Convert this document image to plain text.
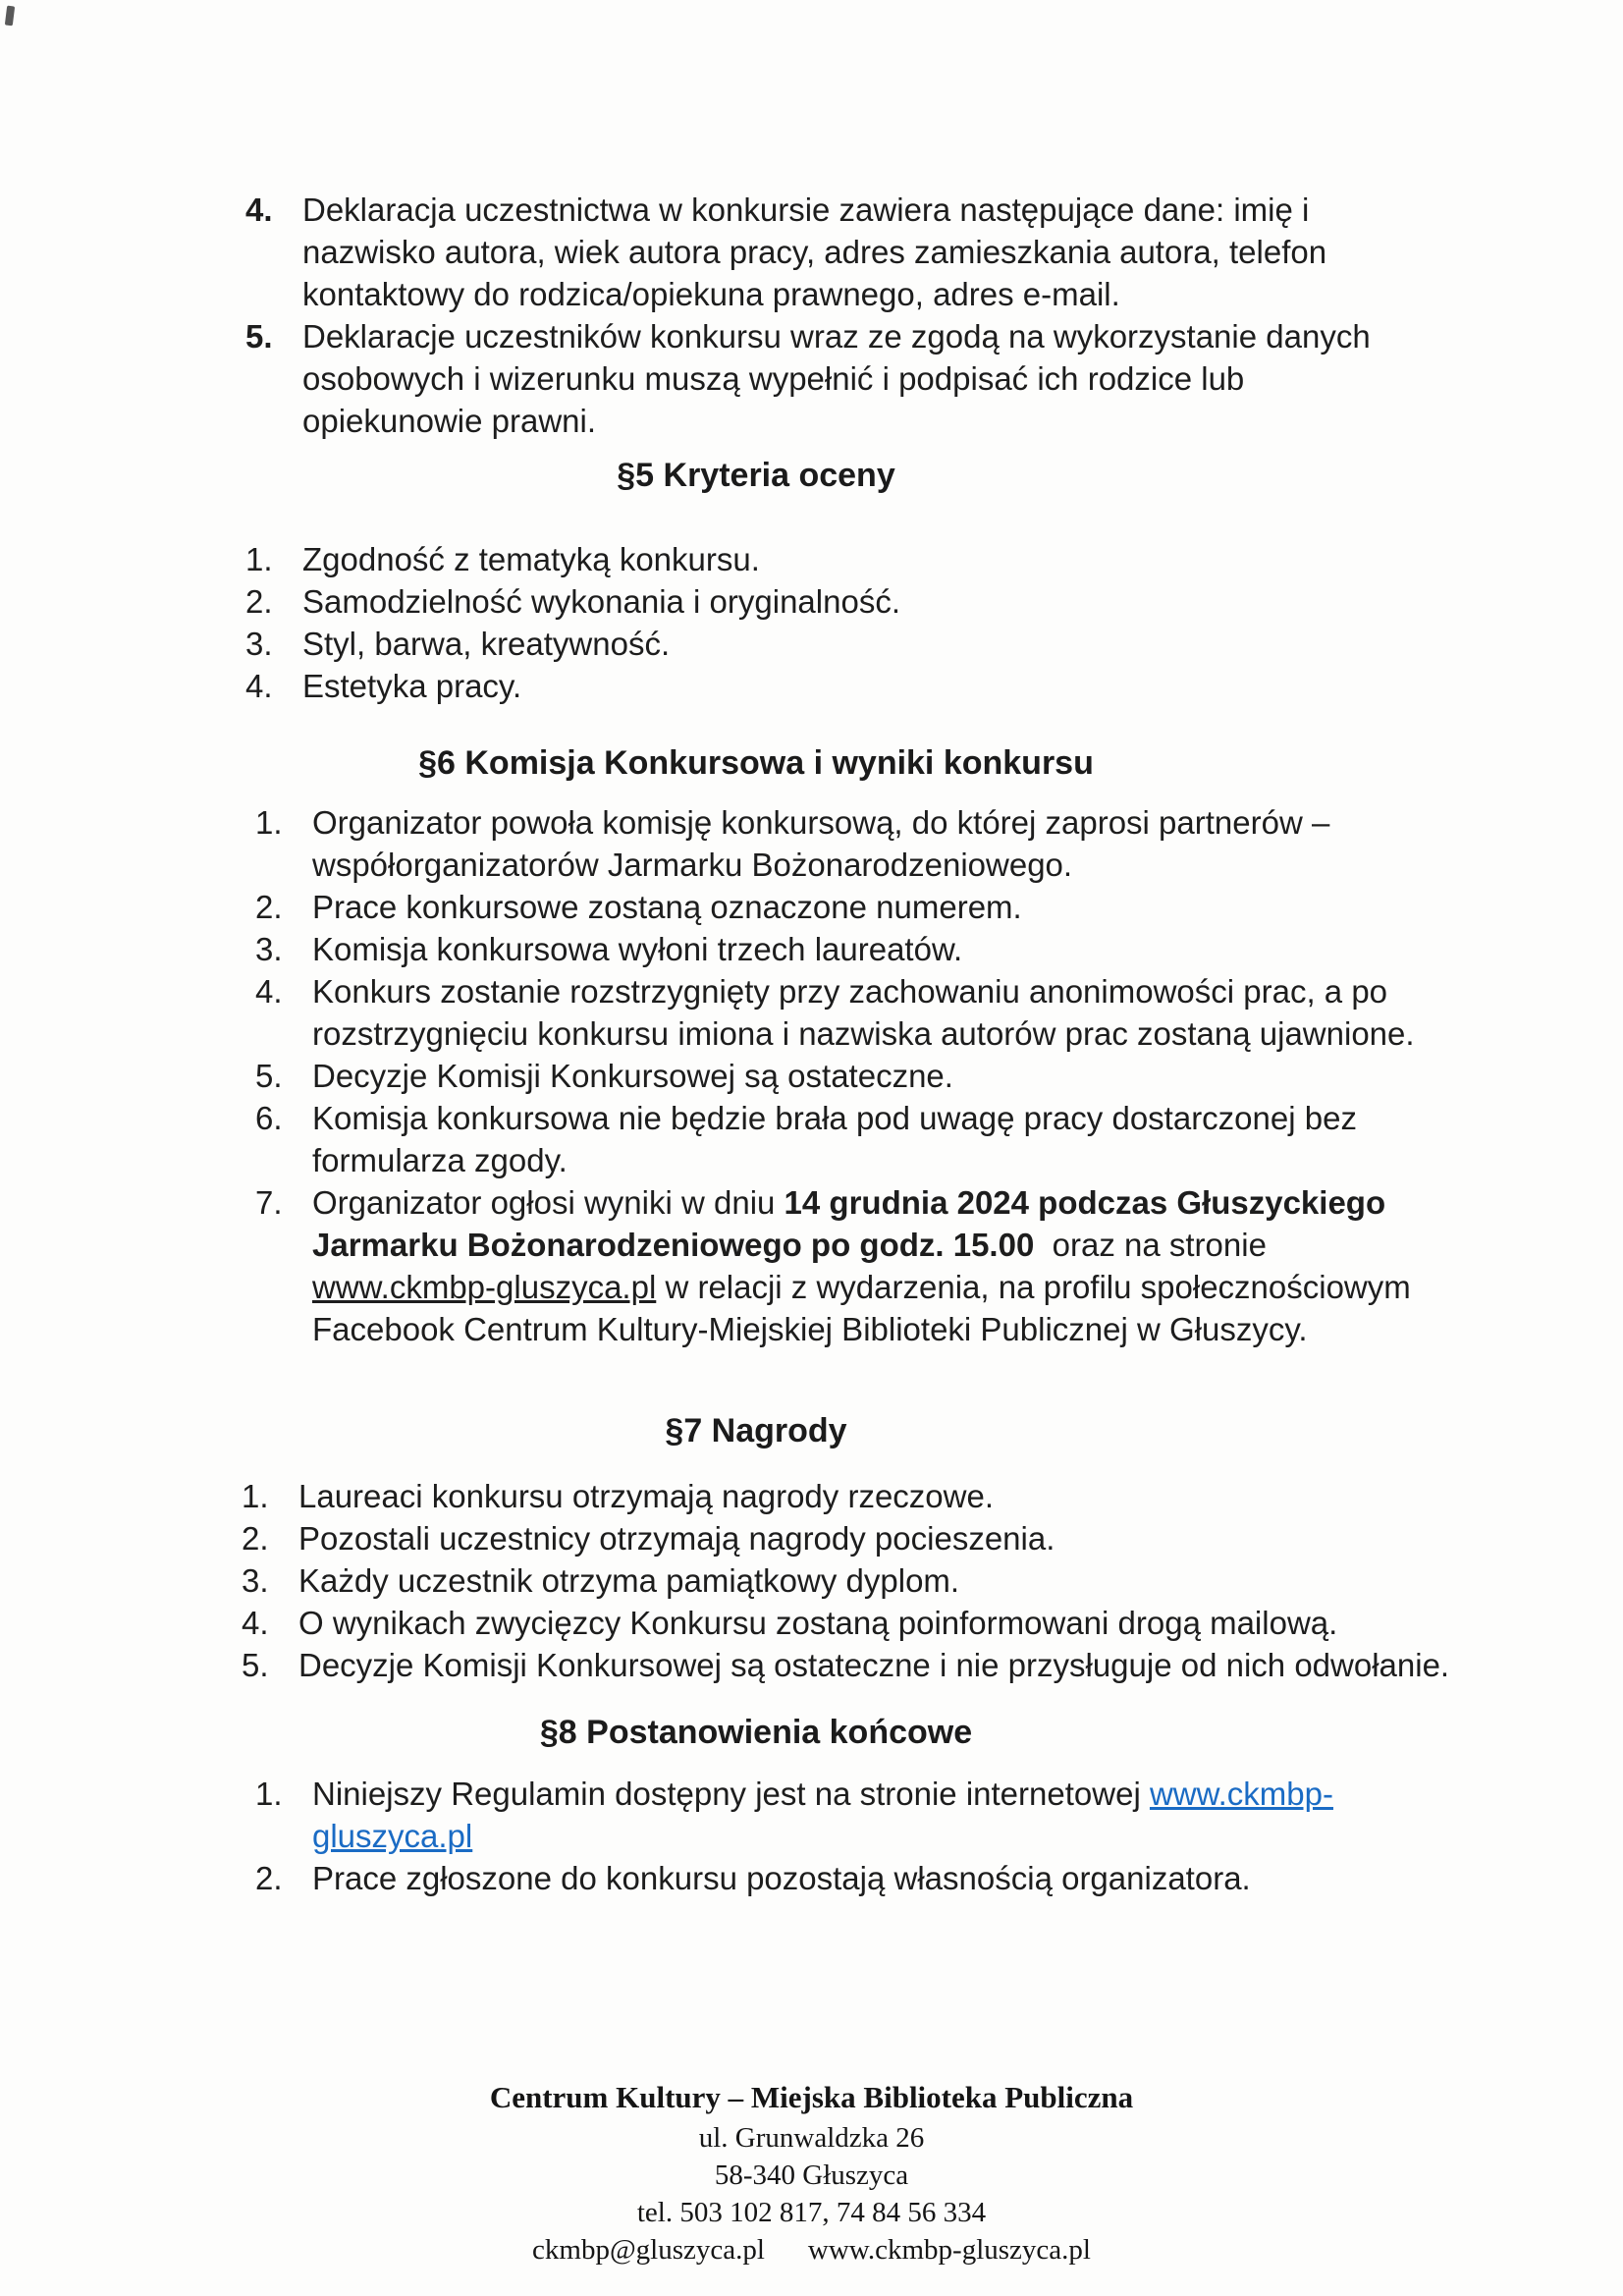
4. Deklaracja uczestnictwa w konkursie zawiera następujące dane: imię i
nazwisko autora, wiek autora pracy, adres zamieszkania autora, telefon
kontaktowy do rodzica/opiekuna prawnego, adres e-mail.
5. Deklaracje uczestników konkursu wraz ze zgodą na wykorzystanie danych
osobowych i wizerunku muszą wypełnić i podpisać ich rodzice lub
opiekunowie prawni.
§5 Kryteria oceny
1. Zgodność z tematyką konkursu.
2. Samodzielność wykonania i oryginalność.
3. Styl, barwa, kreatywność.
4. Estetyka pracy.
§6 Komisja Konkursowa i wyniki konkursu
1. Organizator powoła komisję konkursową, do której zaprosi partnerów –
współorganizatorów Jarmarku Bożonarodzeniowego.
2. Prace konkursowe zostaną oznaczone numerem.
3. Komisja konkursowa wyłoni trzech laureatów.
4. Konkurs zostanie rozstrzygnięty przy zachowaniu anonimowości prac, a po
rozstrzygnięciu konkursu imiona i nazwiska autorów prac zostaną ujawnione.
5. Decyzje Komisji Konkursowej są ostateczne.
6. Komisja konkursowa nie będzie brała pod uwagę pracy dostarczonej bez
formularza zgody.
7. Organizator ogłosi wyniki w dniu 14 grudnia 2024 podczas Głuszyckiego
Jarmarku Bożonarodzeniowego po godz. 15.00  oraz na stronie
www.ckmbp-gluszyca.pl w relacji z wydarzenia, na profilu społecznościowym
Facebook Centrum Kultury-Miejskiej Biblioteki Publicznej w Głuszycy.
§7 Nagrody
1. Laureaci konkursu otrzymają nagrody rzeczowe.
2. Pozostali uczestnicy otrzymają nagrody pocieszenia.
3. Każdy uczestnik otrzyma pamiątkowy dyplom.
4. O wynikach zwycięzcy Konkursu zostaną poinformowani drogą mailową.
5. Decyzje Komisji Konkursowej są ostateczne i nie przysługuje od nich odwołanie.
§8 Postanowienia końcowe
1. Niniejszy Regulamin dostępny jest na stronie internetowej www.ckmbp-
gluszyca.pl
2. Prace zgłoszone do konkursu pozostają własnością organizatora.
Centrum Kultury – Miejska Biblioteka Publiczna
ul. Grunwaldzka 26
58-340 Głuszyca
tel. 503 102 817, 74 84 56 334
ckmbp@gluszyca.pl www.ckmbp-gluszyca.pl
